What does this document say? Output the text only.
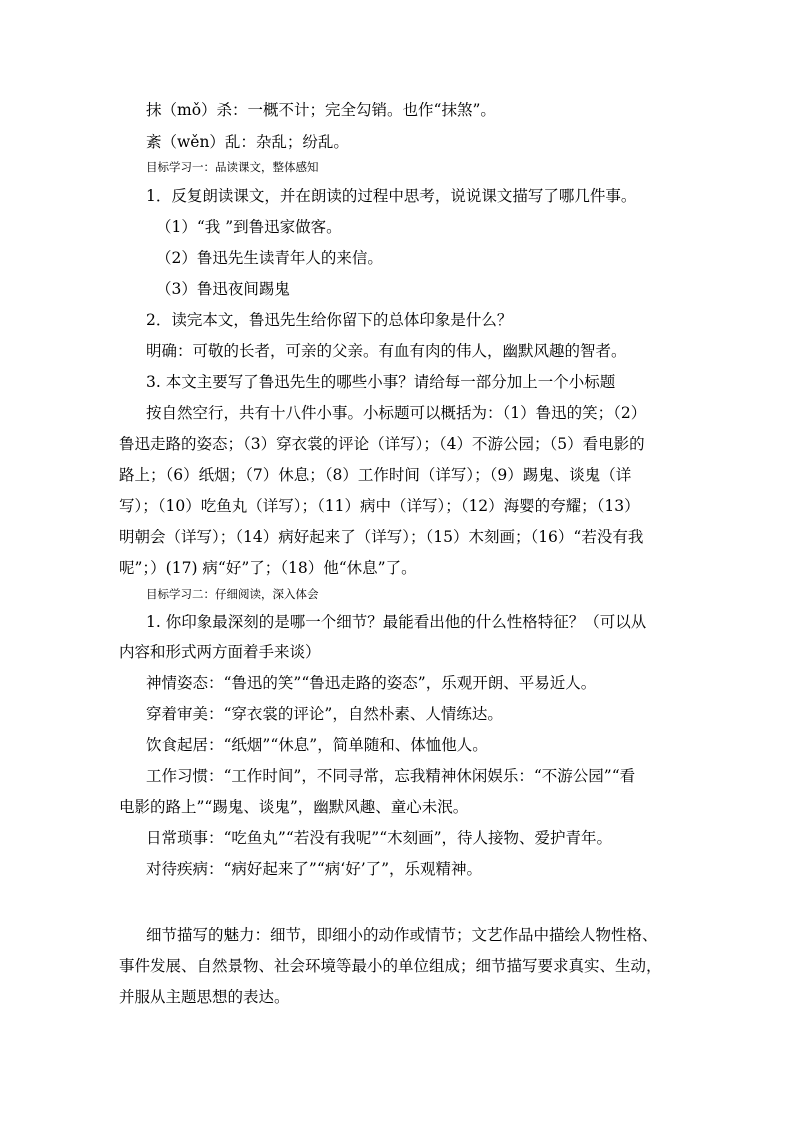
抹（mǒ）杀：一概不计；完全勾销。也作“抹煞”。
紊（wěn）乱：杂乱；纷乱。
目标学习一：品读课文，整体感知
1．反复朗读课文，并在朗读的过程中思考，说说课文描写了哪几件事。
（1）“我 ”到鲁迅家做客。
（2）鲁迅先生读青年人的来信。
（3）鲁迅夜间踢鬼
2．读完本文，鲁迅先生给你留下的总体印象是什么？
明确：可敬的长者，可亲的父亲。有血有肉的伟人，幽默风趣的智者。
3. 本文主要写了鲁迅先生的哪些小事？请给每一部分加上一个小标题
按自然空行，共有十八件小事。小标题可以概括为：（1）鲁迅的笑；（2）
鲁迅走路的姿态；（3）穿衣裳的评论（详写）；（4）不游公园；（5）看电影的
路上；（6）纸烟；（7）休息；（8）工作时间（详写）；（9）踢鬼、谈鬼（详
写）；（10）吃鱼丸（详写）；（11）病中（详写）；（12）海婴的夸耀；（13）
明朝会（详写）；（14）病好起来了（详写）；（15）木刻画；（16）“若没有我
呢”；）(17) 病“好”了；（18）他“休息”了。
目标学习二：仔细阅读，深入体会
1. 你印象最深刻的是哪一个细节？最能看出他的什么性格特征？（可以从
内容和形式两方面着手来谈）
神情姿态：“鲁迅的笑”“鲁迅走路的姿态”，乐观开朗、平易近人。
穿着审美：“穿衣裳的评论”，自然朴素、人情练达。
饮食起居：“纸烟”“休息”，简单随和、体恤他人。
工作习惯：“工作时间”，不同寻常，忘我精神休闲娱乐：“不游公园”“看
电影的路上”“踢鬼、谈鬼”，幽默风趣、童心未泯。
日常琐事：“吃鱼丸”“若没有我呢”“木刻画”，待人接物、爱护青年。
对待疾病：“病好起来了”“病‘好’了”，乐观精神。
细节描写的魅力：细节，即细小的动作或情节；文艺作品中描绘人物性格、
事件发展、自然景物、社会环境等最小的单位组成；细节描写要求真实、生动，
并服从主题思想的表达。
